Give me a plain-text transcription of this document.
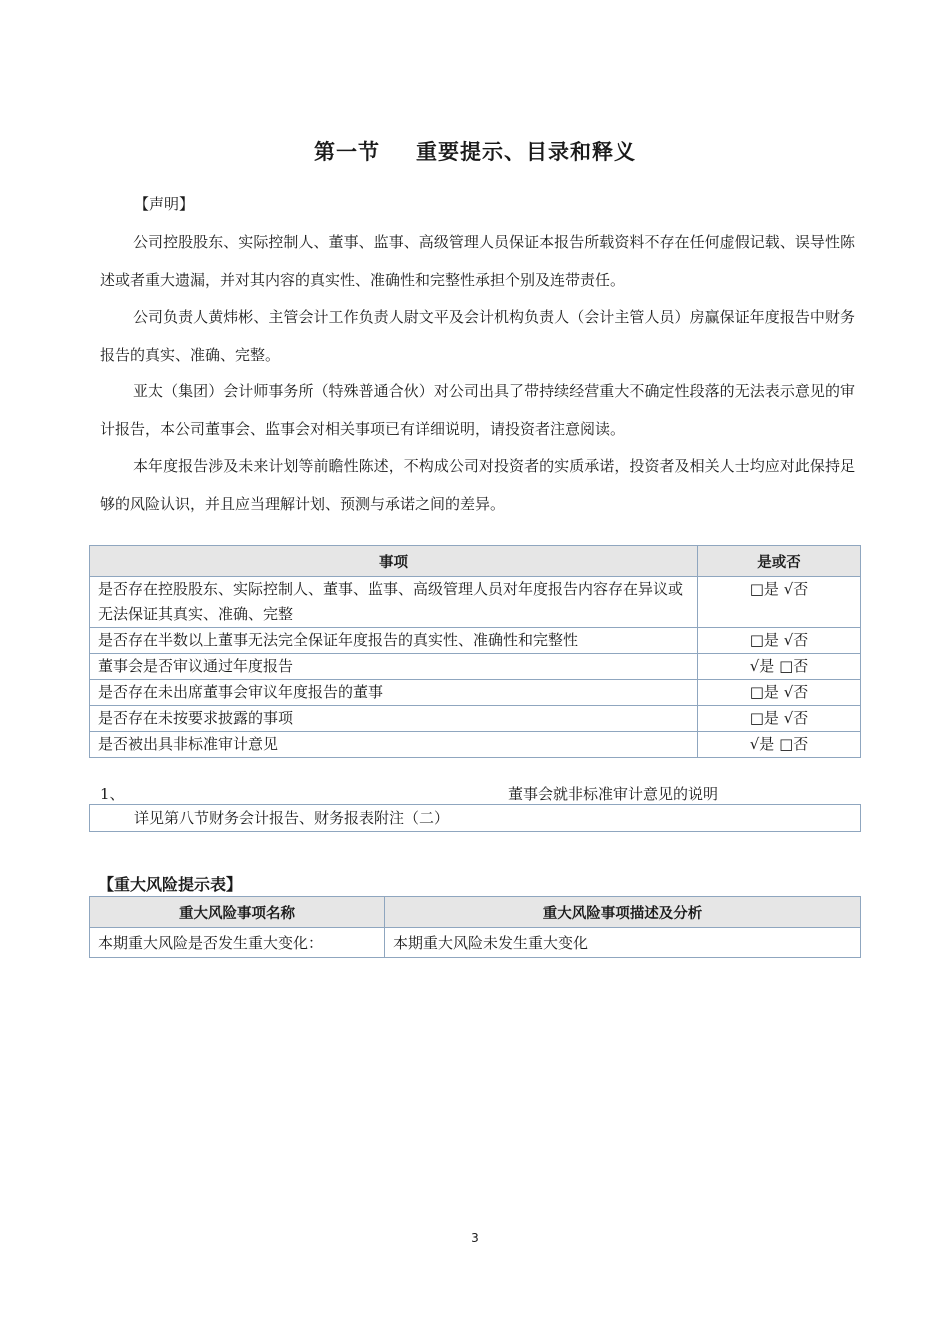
第一节 重要提示、目录和释义
【声明】
公司控股股东、实际控制人、董事、监事、高级管理人员保证本报告所载资料不存在任何虚假记载、误导性陈述或者重大遗漏，并对其内容的真实性、准确性和完整性承担个别及连带责任。
公司负责人黄炜彬、主管会计工作负责人尉文平及会计机构负责人（会计主管人员）房赢保证年度报告中财务报告的真实、准确、完整。
亚太（集团）会计师事务所（特殊普通合伙）对公司出具了带持续经营重大不确定性段落的无法表示意见的审计报告，本公司董事会、监事会对相关事项已有详细说明，请投资者注意阅读。
本年度报告涉及未来计划等前瞻性陈述，不构成公司对投资者的实质承诺，投资者及相关人士均应对此保持足够的风险认识，并且应当理解计划、预测与承诺之间的差异。
事项	是或否
是否存在控股股东、实际控制人、董事、监事、高级管理人员对年度报告内容存在异议或无法保证其真实、准确、完整	□是 √否
是否存在半数以上董事无法完全保证年度报告的真实性、准确性和完整性	□是 √否
董事会是否审议通过年度报告	√是 □否
是否存在未出席董事会审议年度报告的董事	□是 √否
是否存在未按要求披露的事项	□是 √否
是否被出具非标准审计意见	√是 □否
1、	董事会就非标准审计意见的说明
详见第八节财务会计报告、财务报表附注（二）
【重大风险提示表】
重大风险事项名称	重大风险事项描述及分析
本期重大风险是否发生重大变化：	本期重大风险未发生重大变化
3
